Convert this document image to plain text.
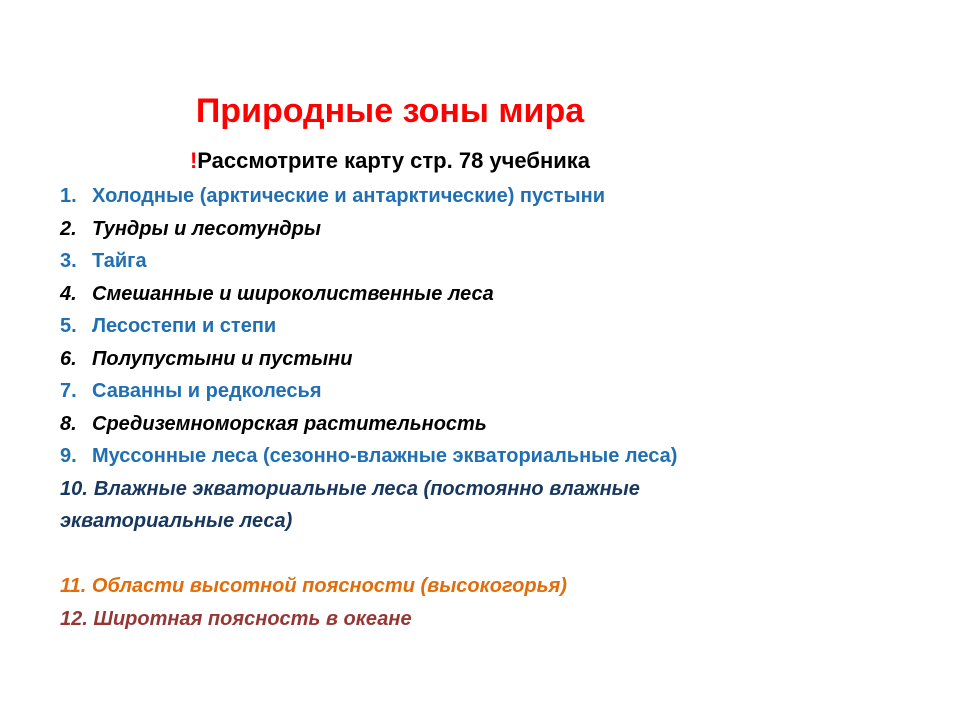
Природные зоны мира
!Рассмотрите карту стр. 78 учебника
1. Холодные (арктические и антарктические) пустыни
2. Тундры и лесотундры
3. Тайга
4. Смешанные и широколиственные леса
5. Лесостепи и степи
6. Полупустыни и пустыни
7. Саванны и редколесья
8. Средиземноморская растительность
9. Муссонные леса (сезонно-влажные экваториальные леса)
10. Влажные экваториальные леса (постоянно влажные экваториальные леса)
11. Области высотной поясности (высокогорья)
12. Широтная поясность в океане
